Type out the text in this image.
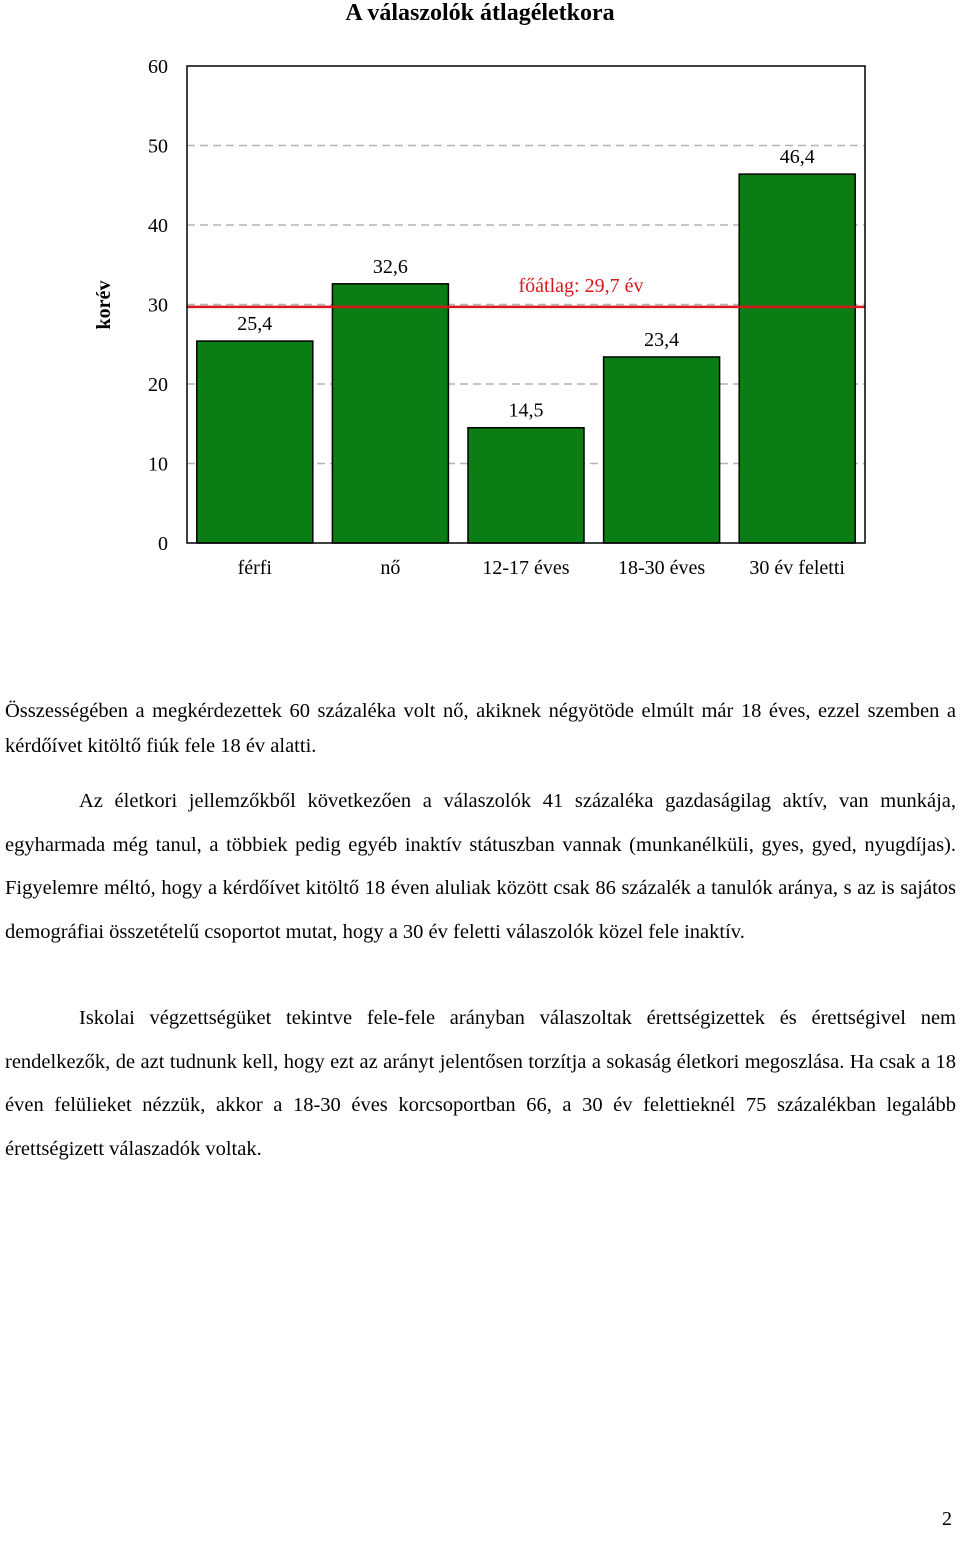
A válaszolók átlagéletkora
korév
0
10
20
30
40
50
60
25,4
32,6
14,5
23,4
46,4
férfi	nő	12-17 éves 18-30 éves 30 év feletti
főátlag: 29,7 év

Összességében a megkérdezettek 60 százaléka volt nő, akiknek négyötöde elmúlt már 18 éves, ezzel szemben a kérdőívet kitöltő fiúk fele 18 év alatti.

Az életkori jellemzőkből következően a válaszolók 41 százaléka gazdaságilag aktív, van munkája, egyharmada még tanul, a többiek pedig egyéb inaktív státuszban vannak (munkanélküli, gyes, gyed, nyugdíjas). Figyelemre méltó, hogy a kérdőívet kitöltő 18 éven aluliak között csak 86 százalék a tanulók aránya, s az is sajátos demográfiai összetételű csoportot mutat, hogy a 30 év feletti válaszolók közel fele inaktív.

Iskolai végzettségüket tekintve fele-fele arányban válaszoltak érettségizettek és érettségivel nem rendelkezők, de azt tudnunk kell, hogy ezt az arányt jelentősen torzítja a sokaság életkori megoszlása. Ha csak a 18 éven felülieket nézzük, akkor a 18-30 éves korcsoportban 66, a 30 év felettieknél 75 százalékban legalább érettségizett válaszadók voltak.

2
